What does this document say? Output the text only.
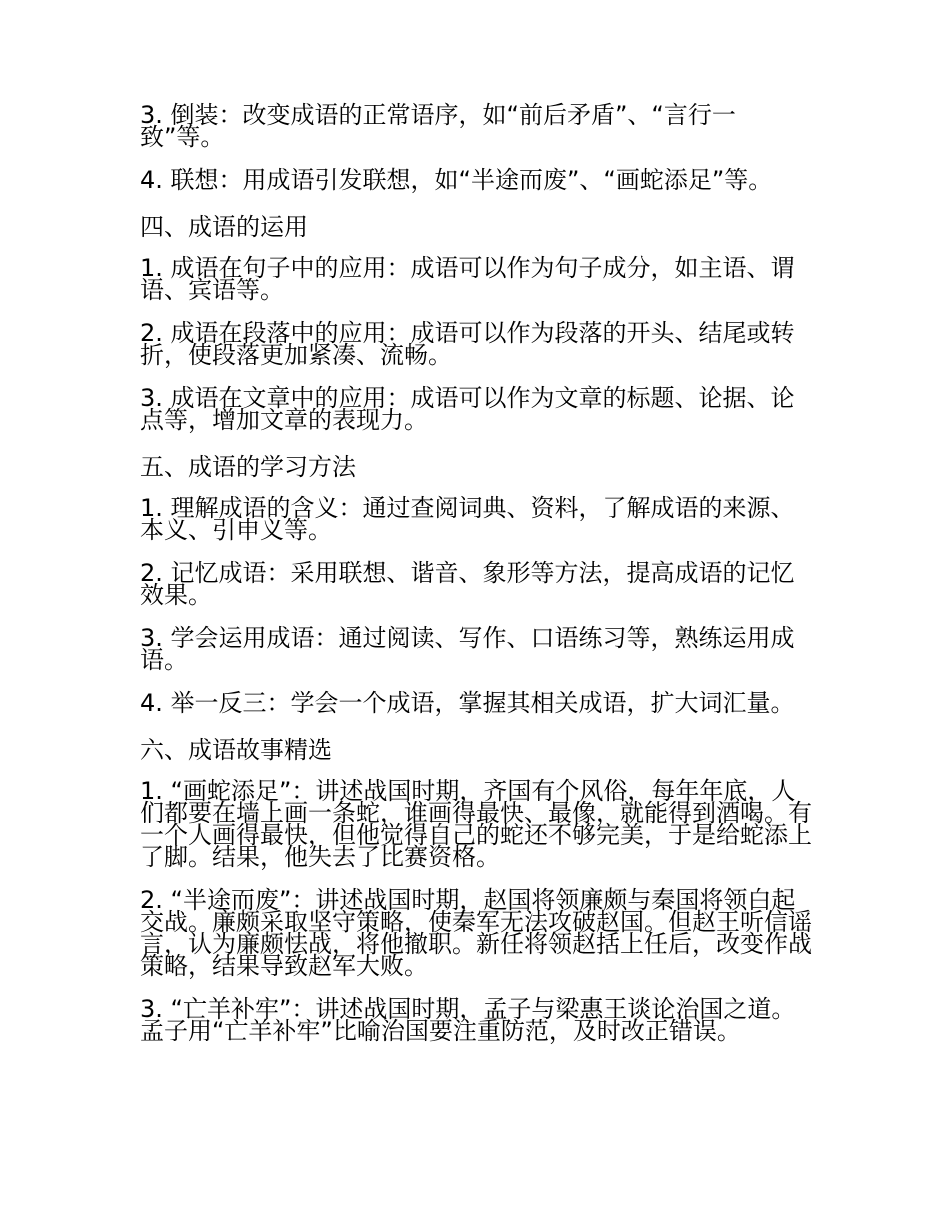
3. 倒装：改变成语的正常语序，如“前后矛盾”、“言行一致”等。

4. 联想：用成语引发联想，如“半途而废”、“画蛇添足”等。

四、成语的运用

1. 成语在句子中的应用：成语可以作为句子成分，如主语、谓语、宾语等。

2. 成语在段落中的应用：成语可以作为段落的开头、结尾或转折，使段落更加紧凑、流畅。

3. 成语在文章中的应用：成语可以作为文章的标题、论据、论点等，增加文章的表现力。

五、成语的学习方法

1. 理解成语的含义：通过查阅词典、资料，了解成语的来源、本义、引申义等。

2. 记忆成语：采用联想、谐音、象形等方法，提高成语的记忆效果。

3. 学会运用成语：通过阅读、写作、口语练习等，熟练运用成语。

4. 举一反三：学会一个成语，掌握其相关成语，扩大词汇量。

六、成语故事精选

1. “画蛇添足”：讲述战国时期，齐国有个风俗，每年年底，人们都要在墙上画一条蛇，谁画得最快、最像，就能得到酒喝。有一个人画得最快，但他觉得自己的蛇还不够完美，于是给蛇添上了脚。结果，他失去了比赛资格。

2. “半途而废”：讲述战国时期，赵国将领廉颇与秦国将领白起交战。廉颇采取坚守策略，使秦军无法攻破赵国。但赵王听信谣言，认为廉颇怯战，将他撤职。新任将领赵括上任后，改变作战策略，结果导致赵军大败。

3. “亡羊补牢”：讲述战国时期，孟子与梁惠王谈论治国之道。孟子用“亡羊补牢”比喻治国要注重防范，及时改正错误。
